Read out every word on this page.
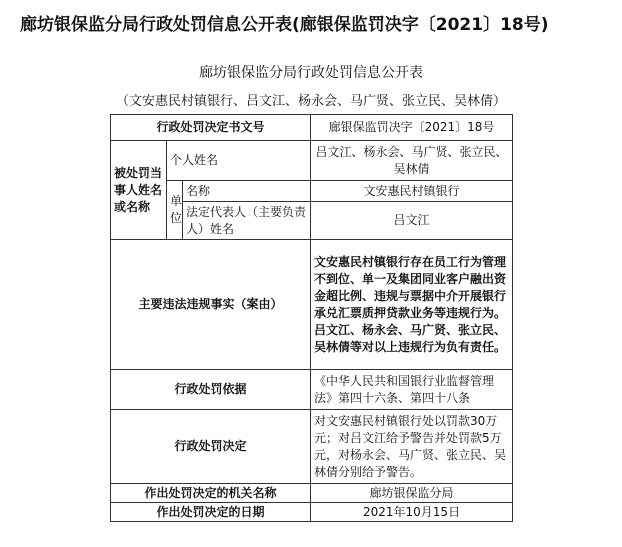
廊坊银保监分局行政处罚信息公开表(廊银保监罚决字〔2021〕18号)
廊坊银保监分局行政处罚信息公开表
（文安惠民村镇银行、吕文江、杨永会、马广贤、张立民、吴林倩）
行政处罚决定书文号			廊银保监罚决字〔2021〕18号
被处罚当事人姓名或名称	个人姓名		吕文江、杨永会、马广贤、张立民、吴林倩
	单位	名称	文安惠民村镇银行
		法定代表人（主要负责人）姓名	吕文江
主要违法违规事实（案由）			文安惠民村镇银行存在员工行为管理不到位、单一及集团同业客户融出资金超比例、违规与票据中介开展银行承兑汇票质押贷款业务等违规行为。吕文江、杨永会、马广贤、张立民、吴林倩等对以上违规行为负有责任。
行政处罚依据			《中华人民共和国银行业监督管理法》第四十六条、第四十八条
行政处罚决定			对文安惠民村镇银行处以罚款30万元；对吕文江给予警告并处罚款5万元，对杨永会、马广贤、张立民、吴林倩分别给予警告。
作出处罚决定的机关名称			廊坊银保监分局
作出处罚决定的日期			2021年10月15日
